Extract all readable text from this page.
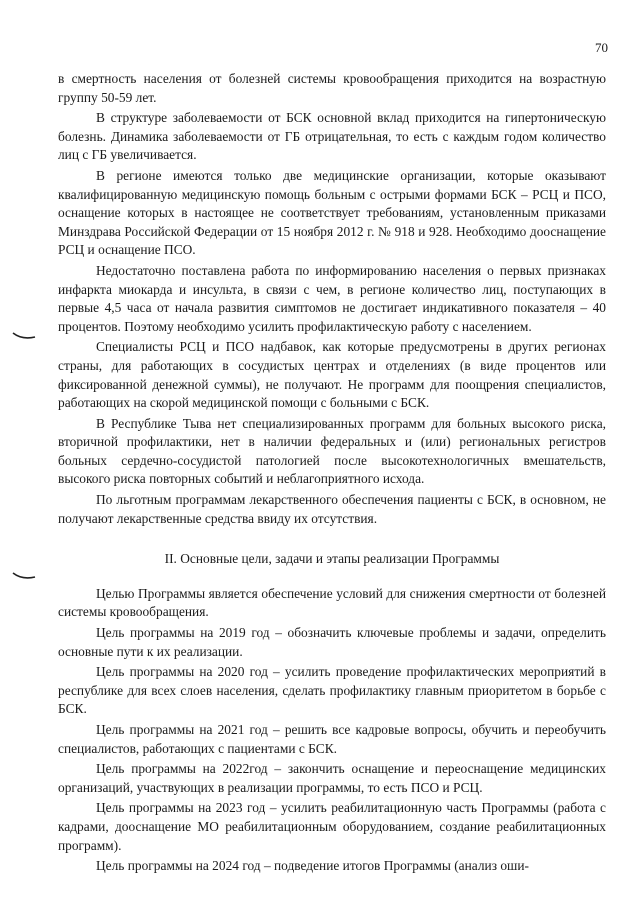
70

в смертность населения от болезней системы кровообращения приходится на возрастную группу 50-59 лет.

В структуре заболеваемости от БСК основной вклад приходится на гипертоническую болезнь. Динамика заболеваемости от ГБ отрицательная, то есть с каждым годом количество лиц с ГБ увеличивается.

В регионе имеются только две медицинские организации, которые оказывают квалифицированную медицинскую помощь больным с острыми формами БСК – РСЦ и ПСО, оснащение которых в настоящее не соответствует требованиям, установленным приказами Минздрава Российской Федерации от 15 ноября 2012 г. № 918 и 928. Необходимо дооснащение РСЦ и оснащение ПСО.

Недостаточно поставлена работа по информированию населения о первых признаках инфаркта миокарда и инсульта, в связи с чем, в регионе количество лиц, поступающих в первые 4,5 часа от начала развития симптомов не достигает индикативного показателя – 40 процентов. Поэтому необходимо усилить профилактическую работу с населением.

Специалисты РСЦ и ПСО надбавок, как которые предусмотрены в других регионах страны, для работающих в сосудистых центрах и отделениях (в виде процентов или фиксированной денежной суммы), не получают. Не программ для поощрения специалистов, работающих на скорой медицинской помощи с больными с БСК.

В Республике Тыва нет специализированных программ для больных высокого риска, вторичной профилактики, нет в наличии федеральных и (или) региональных регистров больных сердечно-сосудистой патологией после высокотехнологичных вмешательств, высокого риска повторных событий и неблагоприятного исхода.

По льготным программам лекарственного обеспечения пациенты с БСК, в основном, не получают лекарственные средства ввиду их отсутствия.

II. Основные цели, задачи и этапы реализации Программы

Целью Программы является обеспечение условий для снижения смертности от болезней системы кровообращения.

Цель программы на 2019 год – обозначить ключевые проблемы и задачи, определить основные пути к их реализации.

Цель программы на 2020 год – усилить проведение профилактических мероприятий в республике для всех слоев населения, сделать профилактику главным приоритетом в борьбе с БСК.

Цель программы на 2021 год – решить все кадровые вопросы, обучить и переобучить специалистов, работающих с пациентами с БСК.

Цель программы на 2022год – закончить оснащение и переоснащение медицинских организаций, участвующих в реализации программы, то есть ПСО и РСЦ.

Цель программы на 2023 год – усилить реабилитационную часть Программы (работа с кадрами, дооснащение МО реабилитационным оборудованием, создание реабилитационных программ).

Цель программы на 2024 год – подведение итогов Программы (анализ оши-
